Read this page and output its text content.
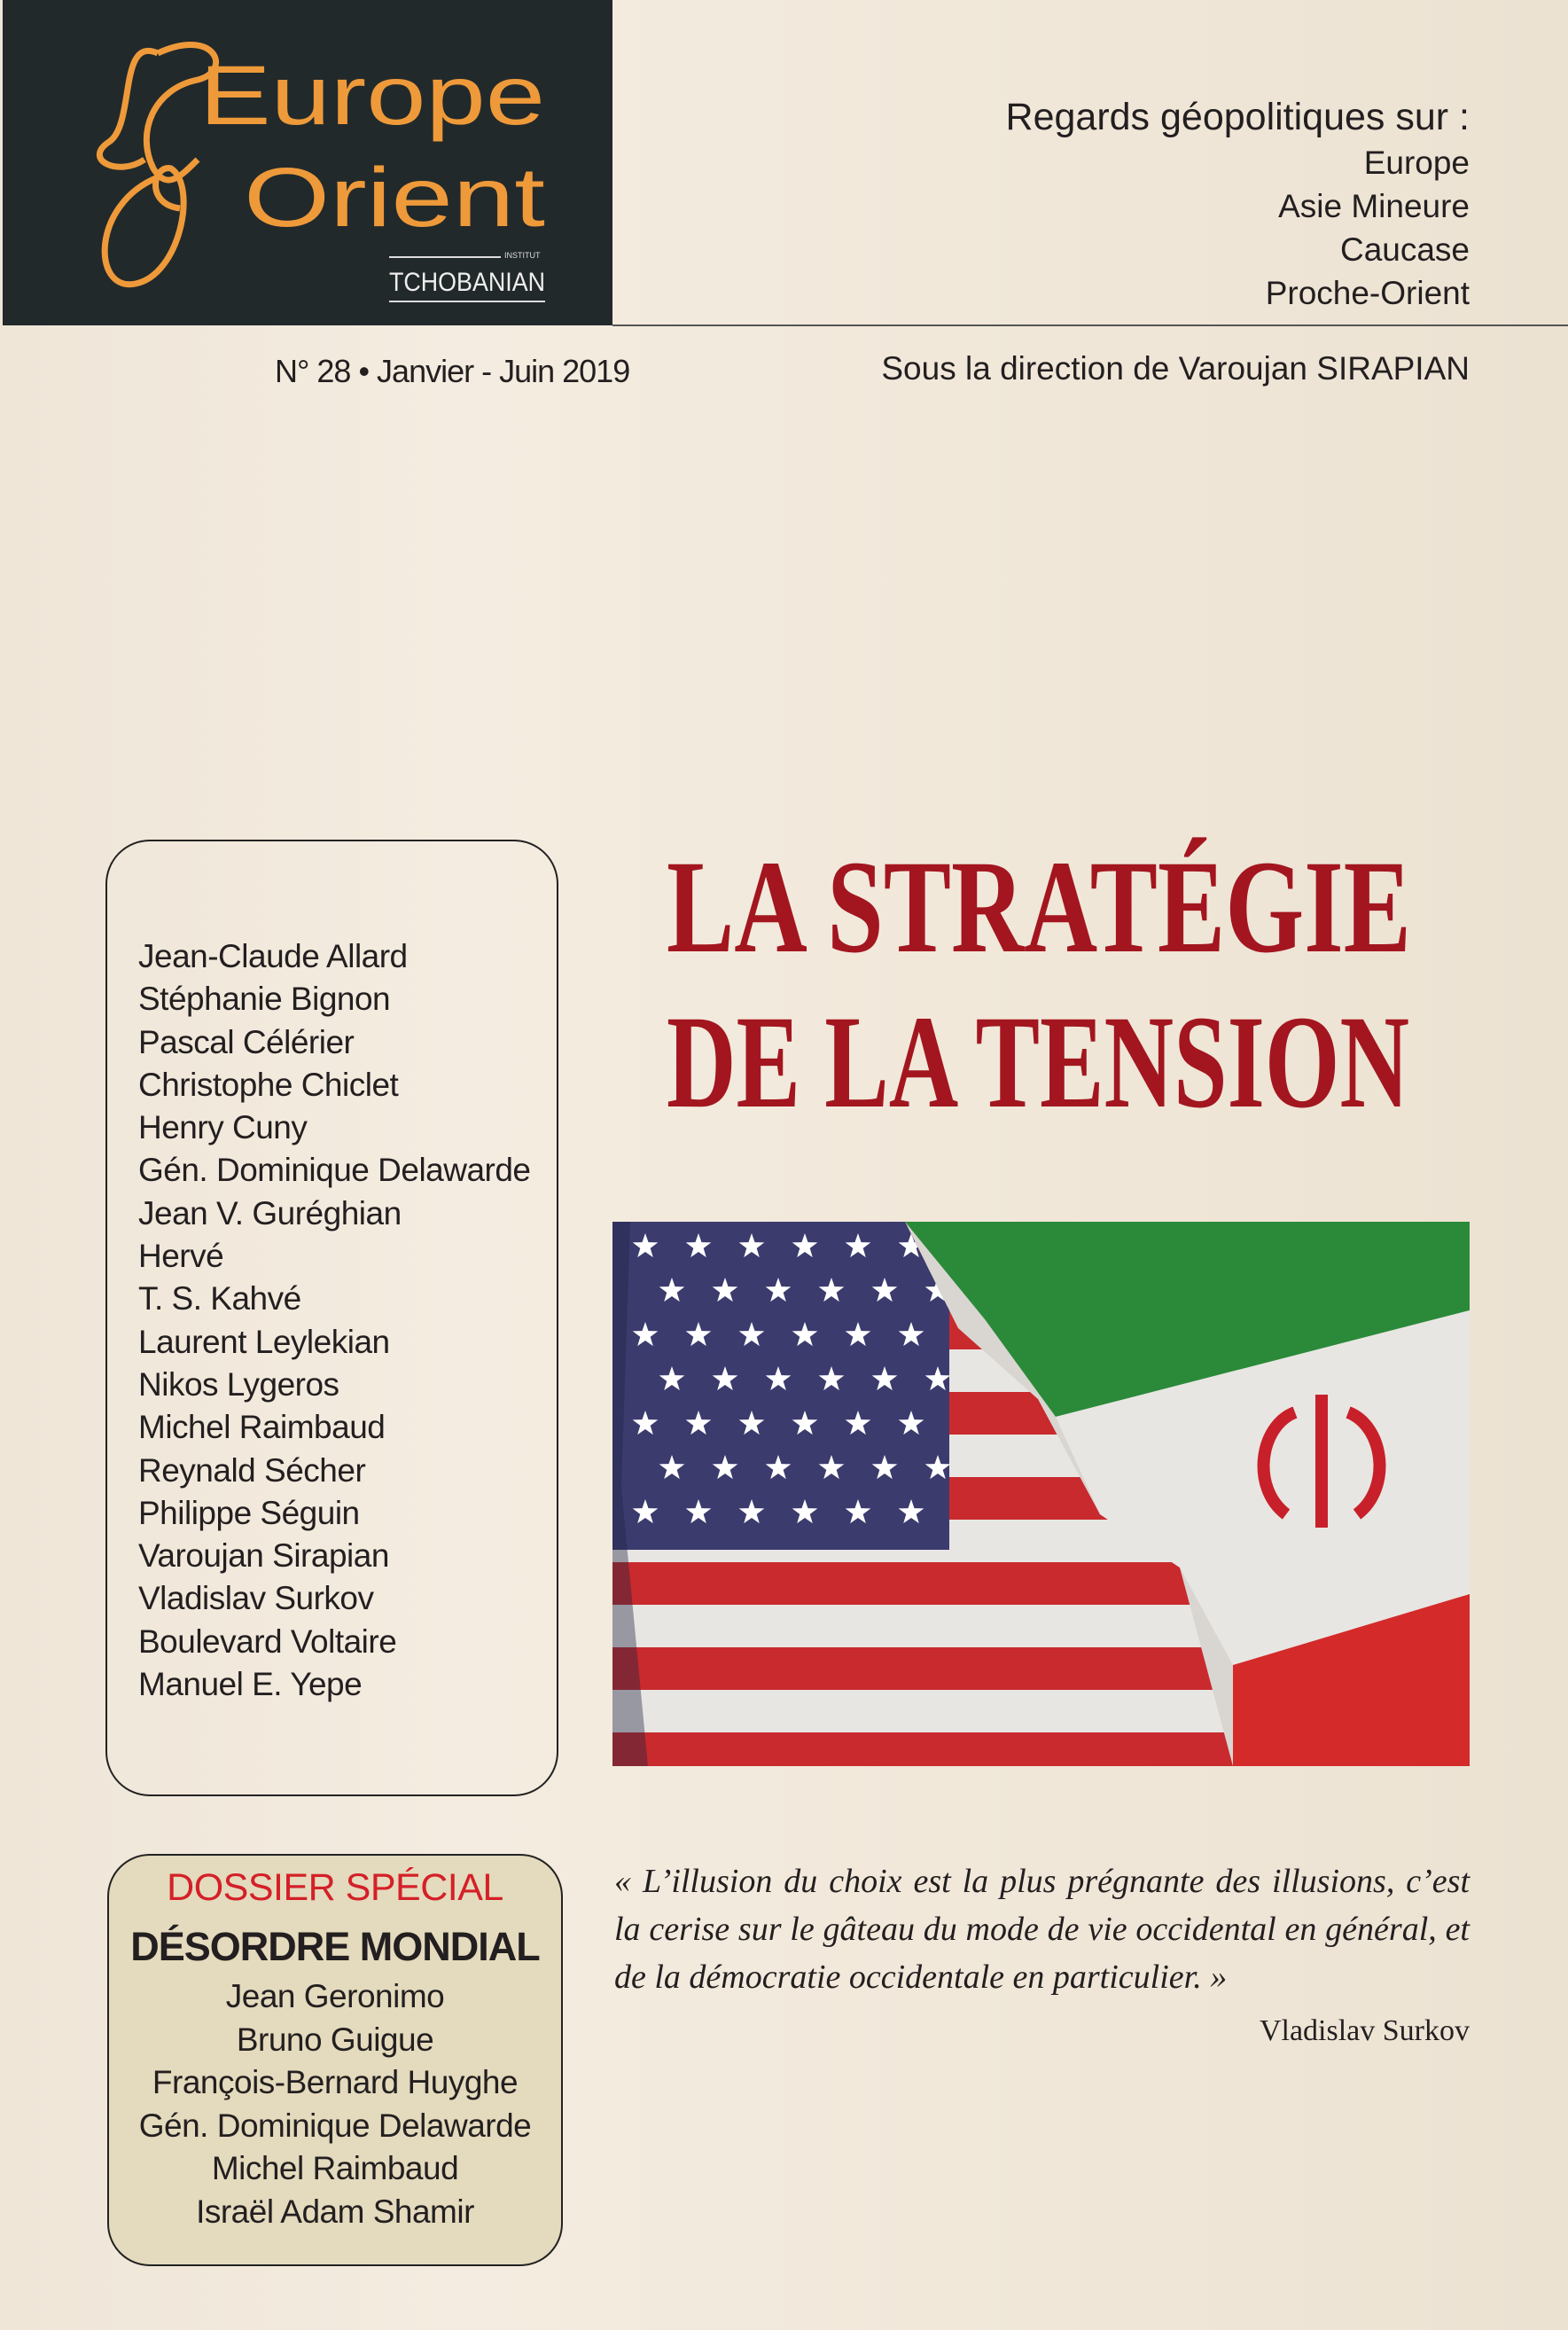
Europe
Orient
INSTITUT
TCHOBANIAN
Regards géopolitiques sur :
Europe
Asie Mineure
Caucase
Proche-Orient
N° 28 • Janvier - Juin 2019	Sous la direction de Varoujan SIRAPIAN
Jean-Claude Allard
Stéphanie Bignon
Pascal Célérier
Christophe Chiclet
Henry Cuny
Gén. Dominique Delawarde
Jean V. Guréghian
Hervé
T. S. Kahvé
Laurent Leylekian
Nikos Lygeros
Michel Raimbaud
Reynald Sécher
Philippe Séguin
Varoujan Sirapian
Vladislav Surkov
Boulevard Voltaire
Manuel E. Yepe
LA STRATÉGIE
DE LA TENSION
DOSSIER SPÉCIAL
DÉSORDRE MONDIAL
Jean Geronimo
Bruno Guigue
François-Bernard Huyghe
Gén. Dominique Delawarde
Michel Raimbaud
Israël Adam Shamir
« L’illusion du choix est la plus prégnante des illusions, c’est la cerise sur le gâteau du mode de vie occidental en général, et de la démocratie occidentale en particulier. »
Vladislav Surkov
